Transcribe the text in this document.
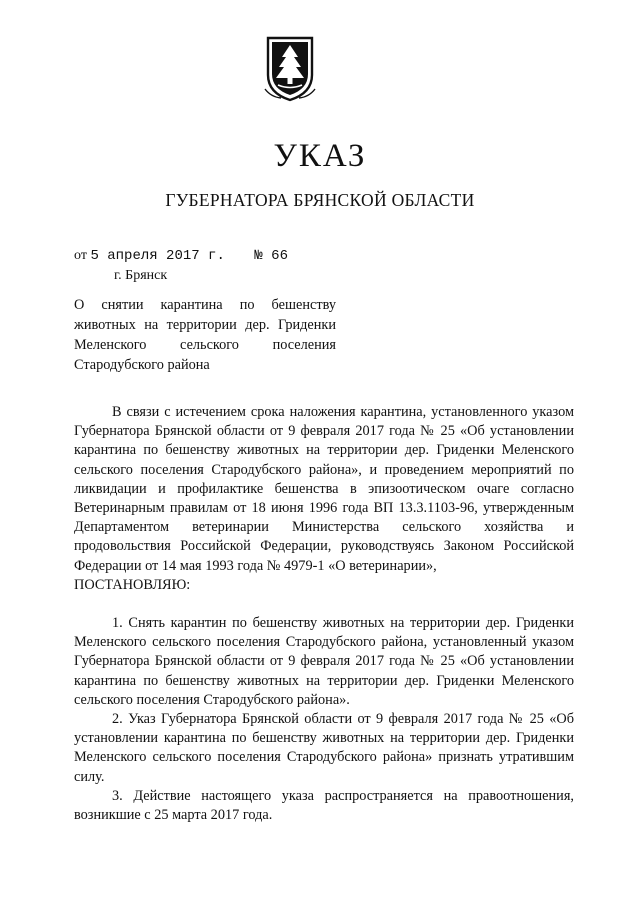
УКАЗ
ГУБЕРНАТОРА БРЯНСКОЙ ОБЛАСТИ
от 5 апреля 2017 г. № 66
г. Брянск
О снятии карантина по бешенству животных на территории дер. Гриденки Меленского сельского поселения Стародубского района

В связи с истечением срока наложения карантина, установленного указом Губернатора Брянской области от 9 февраля 2017 года № 25 «Об установлении карантина по бешенству животных на территории дер. Гриденки Меленского сельского поселения Стародубского района», и проведением мероприятий по ликвидации и профилактике бешенства в эпизоотическом очаге согласно Ветеринарным правилам от 18 июня 1996 года ВП 13.3.1103-96, утвержденным Департаментом ветеринарии Министерства сельского хозяйства и продовольствия Российской Федерации, руководствуясь Законом Российской Федерации от 14 мая 1993 года № 4979-1 «О ветеринарии»,

ПОСТАНОВЛЯЮ:

1. Снять карантин по бешенству животных на территории дер. Гриденки Меленского сельского поселения Стародубского района, установленный указом Губернатора Брянской области от 9 февраля 2017 года № 25 «Об установлении карантина по бешенству животных на территории дер. Гриденки Меленского сельского поселения Стародубского района».

2. Указ Губернатора Брянской области от 9 февраля 2017 года № 25 «Об установлении карантина по бешенству животных на территории дер. Гриденки Меленского сельского поселения Стародубского района» признать утратившим силу.

3. Действие настоящего указа распространяется на правоотношения, возникшие с 25 марта 2017 года.
